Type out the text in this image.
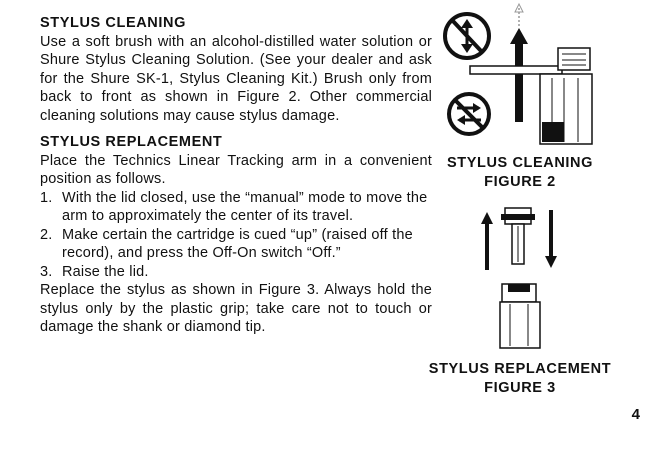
STYLUS CLEANING

Use a soft brush with an alcohol-distilled water solution or Shure Stylus Cleaning Solution. (See your dealer and ask for the Shure SK-1, Stylus Cleaning Kit.) Brush only from back to front as shown in Figure 2. Other commercial cleaning solutions may cause stylus damage.

STYLUS REPLACEMENT

Place the Technics Linear Tracking arm in a convenient position as follows.

1. With the lid closed, use the “manual” mode to move the arm to approximately the center of its travel.
2. Make certain the cartridge is cued “up” (raised off the record), and press the Off-On switch “Off.”
3. Raise the lid.

Replace the stylus as shown in Figure 3. Always hold the stylus only by the plastic grip; take care not to touch or damage the shank or diamond tip.

STYLUS CLEANING
FIGURE 2
STYLUS REPLACEMENT
FIGURE 3
4
